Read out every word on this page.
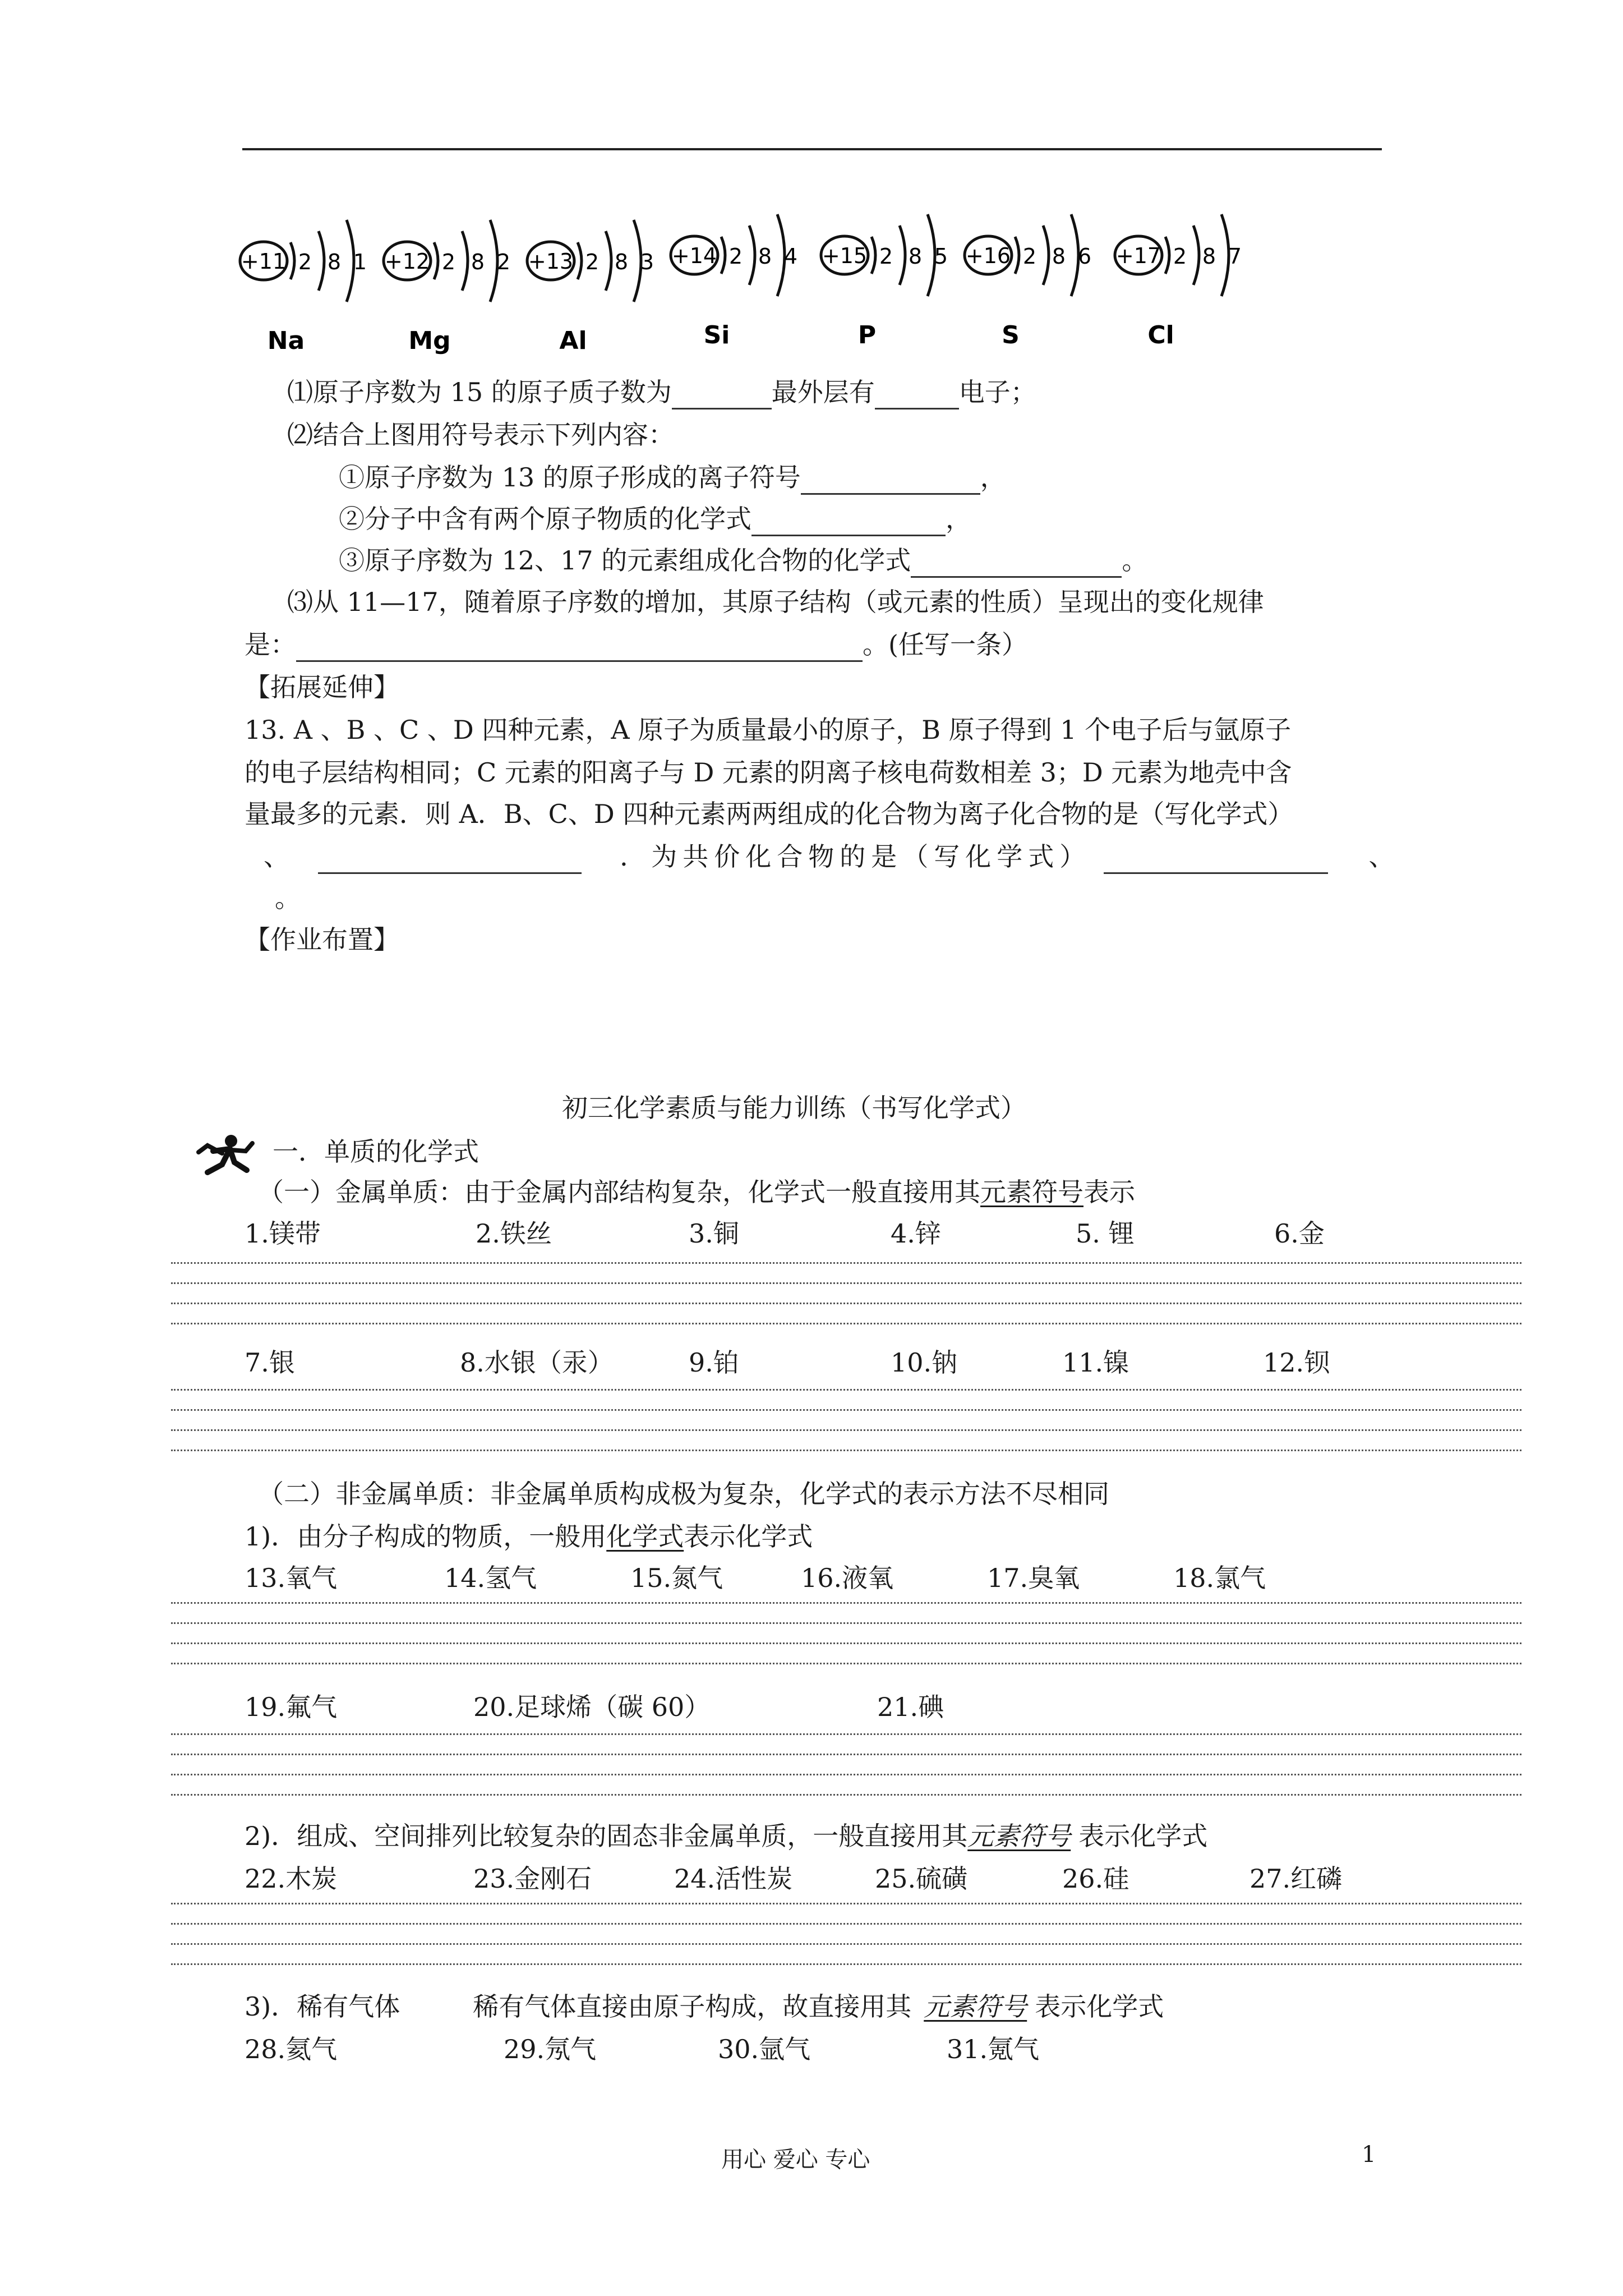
+11 2 8 1
Na
+12 2 8 2
Mg
+13 2 8 3
Al
+14 2 8 4
Si
+15 2 8 5
P
+16 2 8 6
S
+17 2 8 7
Cl
⑴原子序数为 15 的原子质子数为	最外层有	电子；
⑵结合上图用符号表示下列内容：
①原子序数为 13 的原子形成的离子符号	，
②分子中含有两个原子物质的化学式	，
③原子序数为 12、17 的元素组成化合物的化学式	。
⑶从 11—17，随着原子序数的增加，其原子结构（或元素的性质）呈现出的变化规律
是：	。(任写一条）
【拓展延伸】
13. A 、B 、C 、D 四种元素，A 原子为质量最小的原子，B 原子得到 1 个电子后与氩原子
的电子层结构相同；C 元素的阳离子与 D 元素的阴离子核电荷数相差 3；D 元素为地壳中含
量最多的元素．则 A．B、C、D 四种元素两两组成的化合物为离子化合物的是（写化学式）
、	．为共价化合物的是（写化学式）	、
。
【作业布置】
初三化学素质与能力训练（书写化学式）
一．单质的化学式
（一）金属单质：由于金属内部结构复杂，化学式一般直接用其元素符号表示
1.镁带	2.铁丝	3.铜	4.锌	5. 锂	6.金
7.银	8.水银（汞）	9.铂	10.钠	11.镍	12.钡
（二）非金属单质：非金属单质构成极为复杂，化学式的表示方法不尽相同
1)．由分子构成的物质，一般用化学式表示化学式
13.氧气	14.氢气	15.氮气	16.液氧	17.臭氧	18.氯气
19.氟气	20.足球烯（碳 60）	21.碘
2)．组成、空间排列比较复杂的固态非金属单质，一般直接用其元素符号 表示化学式
22.木炭	23.金刚石	24.活性炭	25.硫磺	26.硅	27.红磷
3)．稀有气体	稀有气体直接由原子构成，故直接用其 元素符号 表示化学式
28.氦气	29.氖气	30.氩气	31.氪气
用心 爱心 专心	1
